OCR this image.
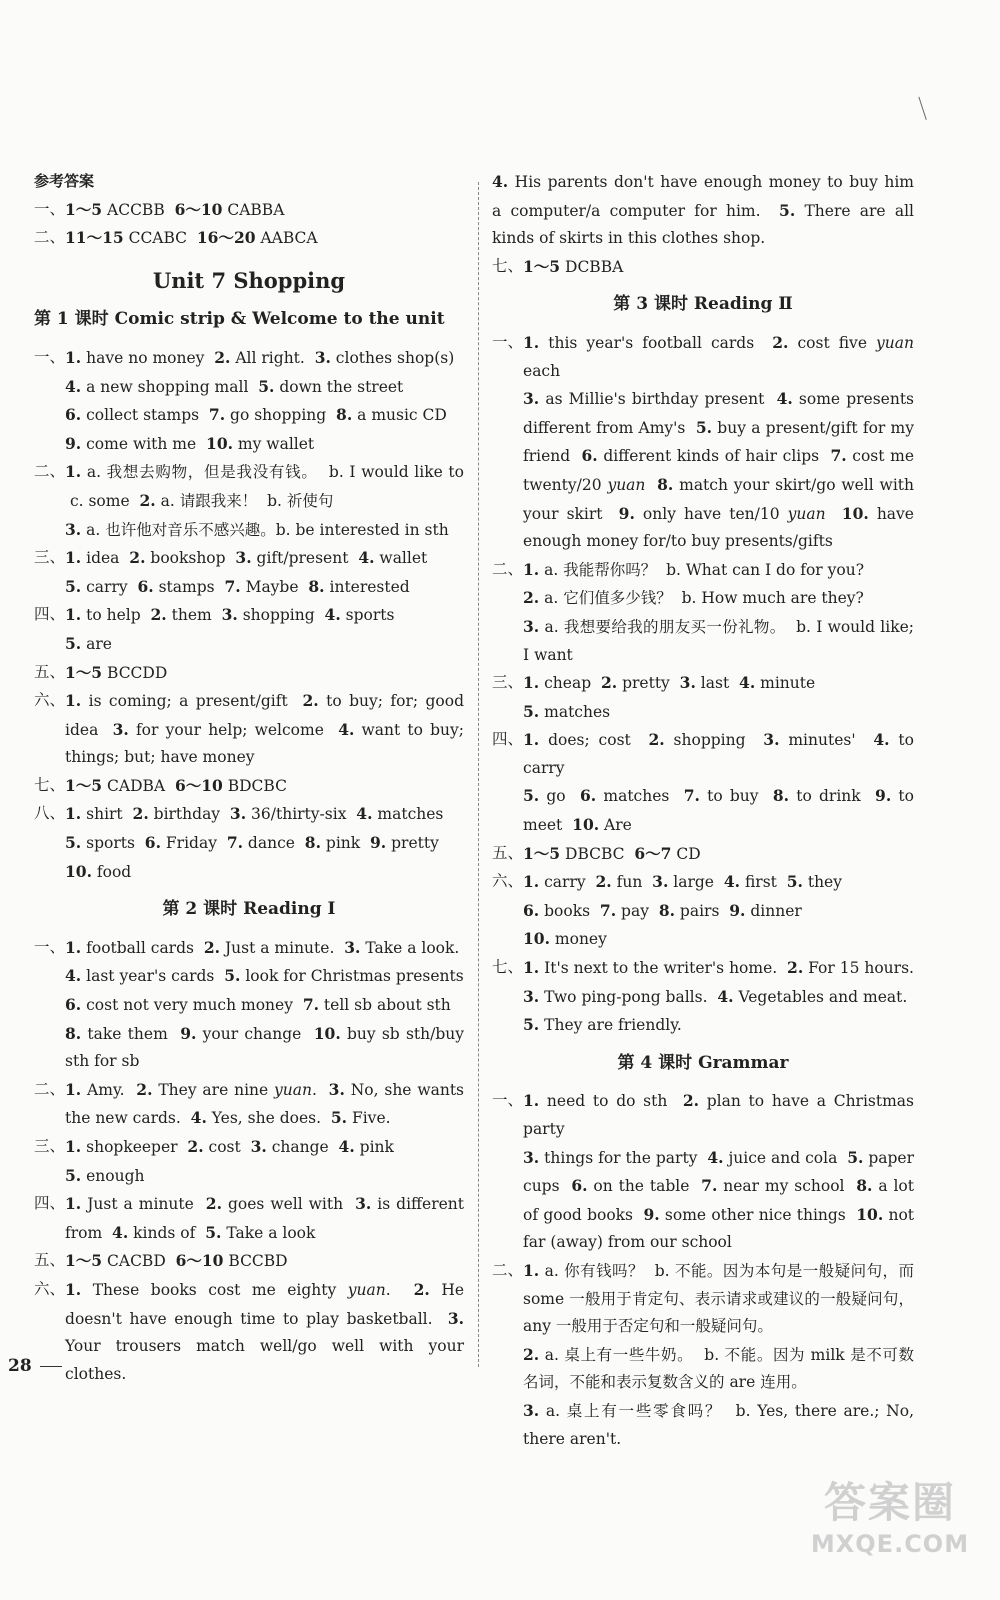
参考答案
一、 1～5 ACCBB  6～10 CABBA
二、 11～15 CCABC  16～20 AABCA
Unit 7 Shopping
第 1 课时 Comic strip & Welcome to the unit
一、 1. have no money  2. All right.  3. clothes shop(s)
4. a new shopping mall  5. down the street
6. collect stamps  7. go shopping  8. a music CD
9. come with me  10. my wallet
二、 1. a. 我想去购物，但是我没有钱。  b. I would like to  c. some  2. a. 请跟我来！  b. 祈使句
3. a. 也许他对音乐不感兴趣。b. be interested in sth
三、 1. idea  2. bookshop  3. gift/present  4. wallet
5. carry  6. stamps  7. Maybe  8. interested
四、 1. to help  2. them  3. shopping  4. sports
5. are
五、 1～5 BCCDD
六、 1. is coming; a present/gift  2. to buy; for; good idea  3. for your help; welcome  4. want to buy; things; but; have money
七、 1～5 CADBA  6～10 BDCBC
八、 1. shirt  2. birthday  3. 36/thirty-six  4. matches
5. sports  6. Friday  7. dance  8. pink  9. pretty
10. food
第 2 课时 Reading Ⅰ
一、 1. football cards  2. Just a minute.  3. Take a look.
4. last year's cards  5. look for Christmas presents
6. cost not very much money  7. tell sb about sth
8. take them  9. your change  10. buy sb sth/buy sth for sb
二、 1. Amy.  2. They are nine yuan.  3. No, she wants the new cards.  4. Yes, she does.  5. Five.
三、 1. shopkeeper  2. cost  3. change  4. pink
5. enough
四、 1. Just a minute  2. goes well with  3. is different from  4. kinds of  5. Take a look
五、 1～5 CACBD  6～10 BCCBD
六、 1. These books cost me eighty yuan.  2. He doesn't have enough time to play basketball.  3. Your trousers match well/go well with your clothes.
4. His parents don't have enough money to buy him a computer/a computer for him.  5. There are all kinds of skirts in this clothes shop.
七、 1～5 DCBBA
第 3 课时 Reading Ⅱ
一、 1. this year's football cards  2. cost five yuan each
3. as Millie's birthday present  4. some presents different from Amy's  5. buy a present/gift for my friend  6. different kinds of hair clips  7. cost me twenty/20 yuan 8. match your skirt/go well with your skirt  9. only have ten/10 yuan 10. have enough money for/to buy presents/gifts
二、 1. a. 我能帮你吗？  b. What can I do for you?
2. a. 它们值多少钱？  b. How much are they?
3. a. 我想要给我的朋友买一份礼物。  b. I would like; I want
三、 1. cheap  2. pretty  3. last  4. minute
5. matches
四、 1. does; cost  2. shopping  3. minutes'  4. to carry
5. go  6. matches  7. to buy  8. to drink  9. to meet  10. Are
五、 1～5 DBCBC  6～7 CD
六、 1. carry  2. fun  3. large  4. first  5. they
6. books  7. pay  8. pairs  9. dinner
10. money
七、 1. It's next to the writer's home.  2. For 15 hours.
3. Two ping-pong balls.  4. Vegetables and meat.
5. They are friendly.
第 4 课时 Grammar
一、 1. need to do sth  2. plan to have a Christmas party
3. things for the party  4. juice and cola  5. paper cups  6. on the table  7. near my school  8. a lot of good books  9. some other nice things  10. not far (away) from our school
二、 1. a. 你有钱吗？  b. 不能。因为本句是一般疑问句，而 some 一般用于肯定句、表示请求或建议的一般疑问句，any 一般用于否定句和一般疑问句。
2. a. 桌上有一些牛奶。  b. 不能。因为 milk 是不可数名词，不能和表示复数含义的 are 连用。
3. a. 桌上有一些零食吗？  b. Yes, there are.; No, there aren't.
28
答案圈
MXQE.COM
